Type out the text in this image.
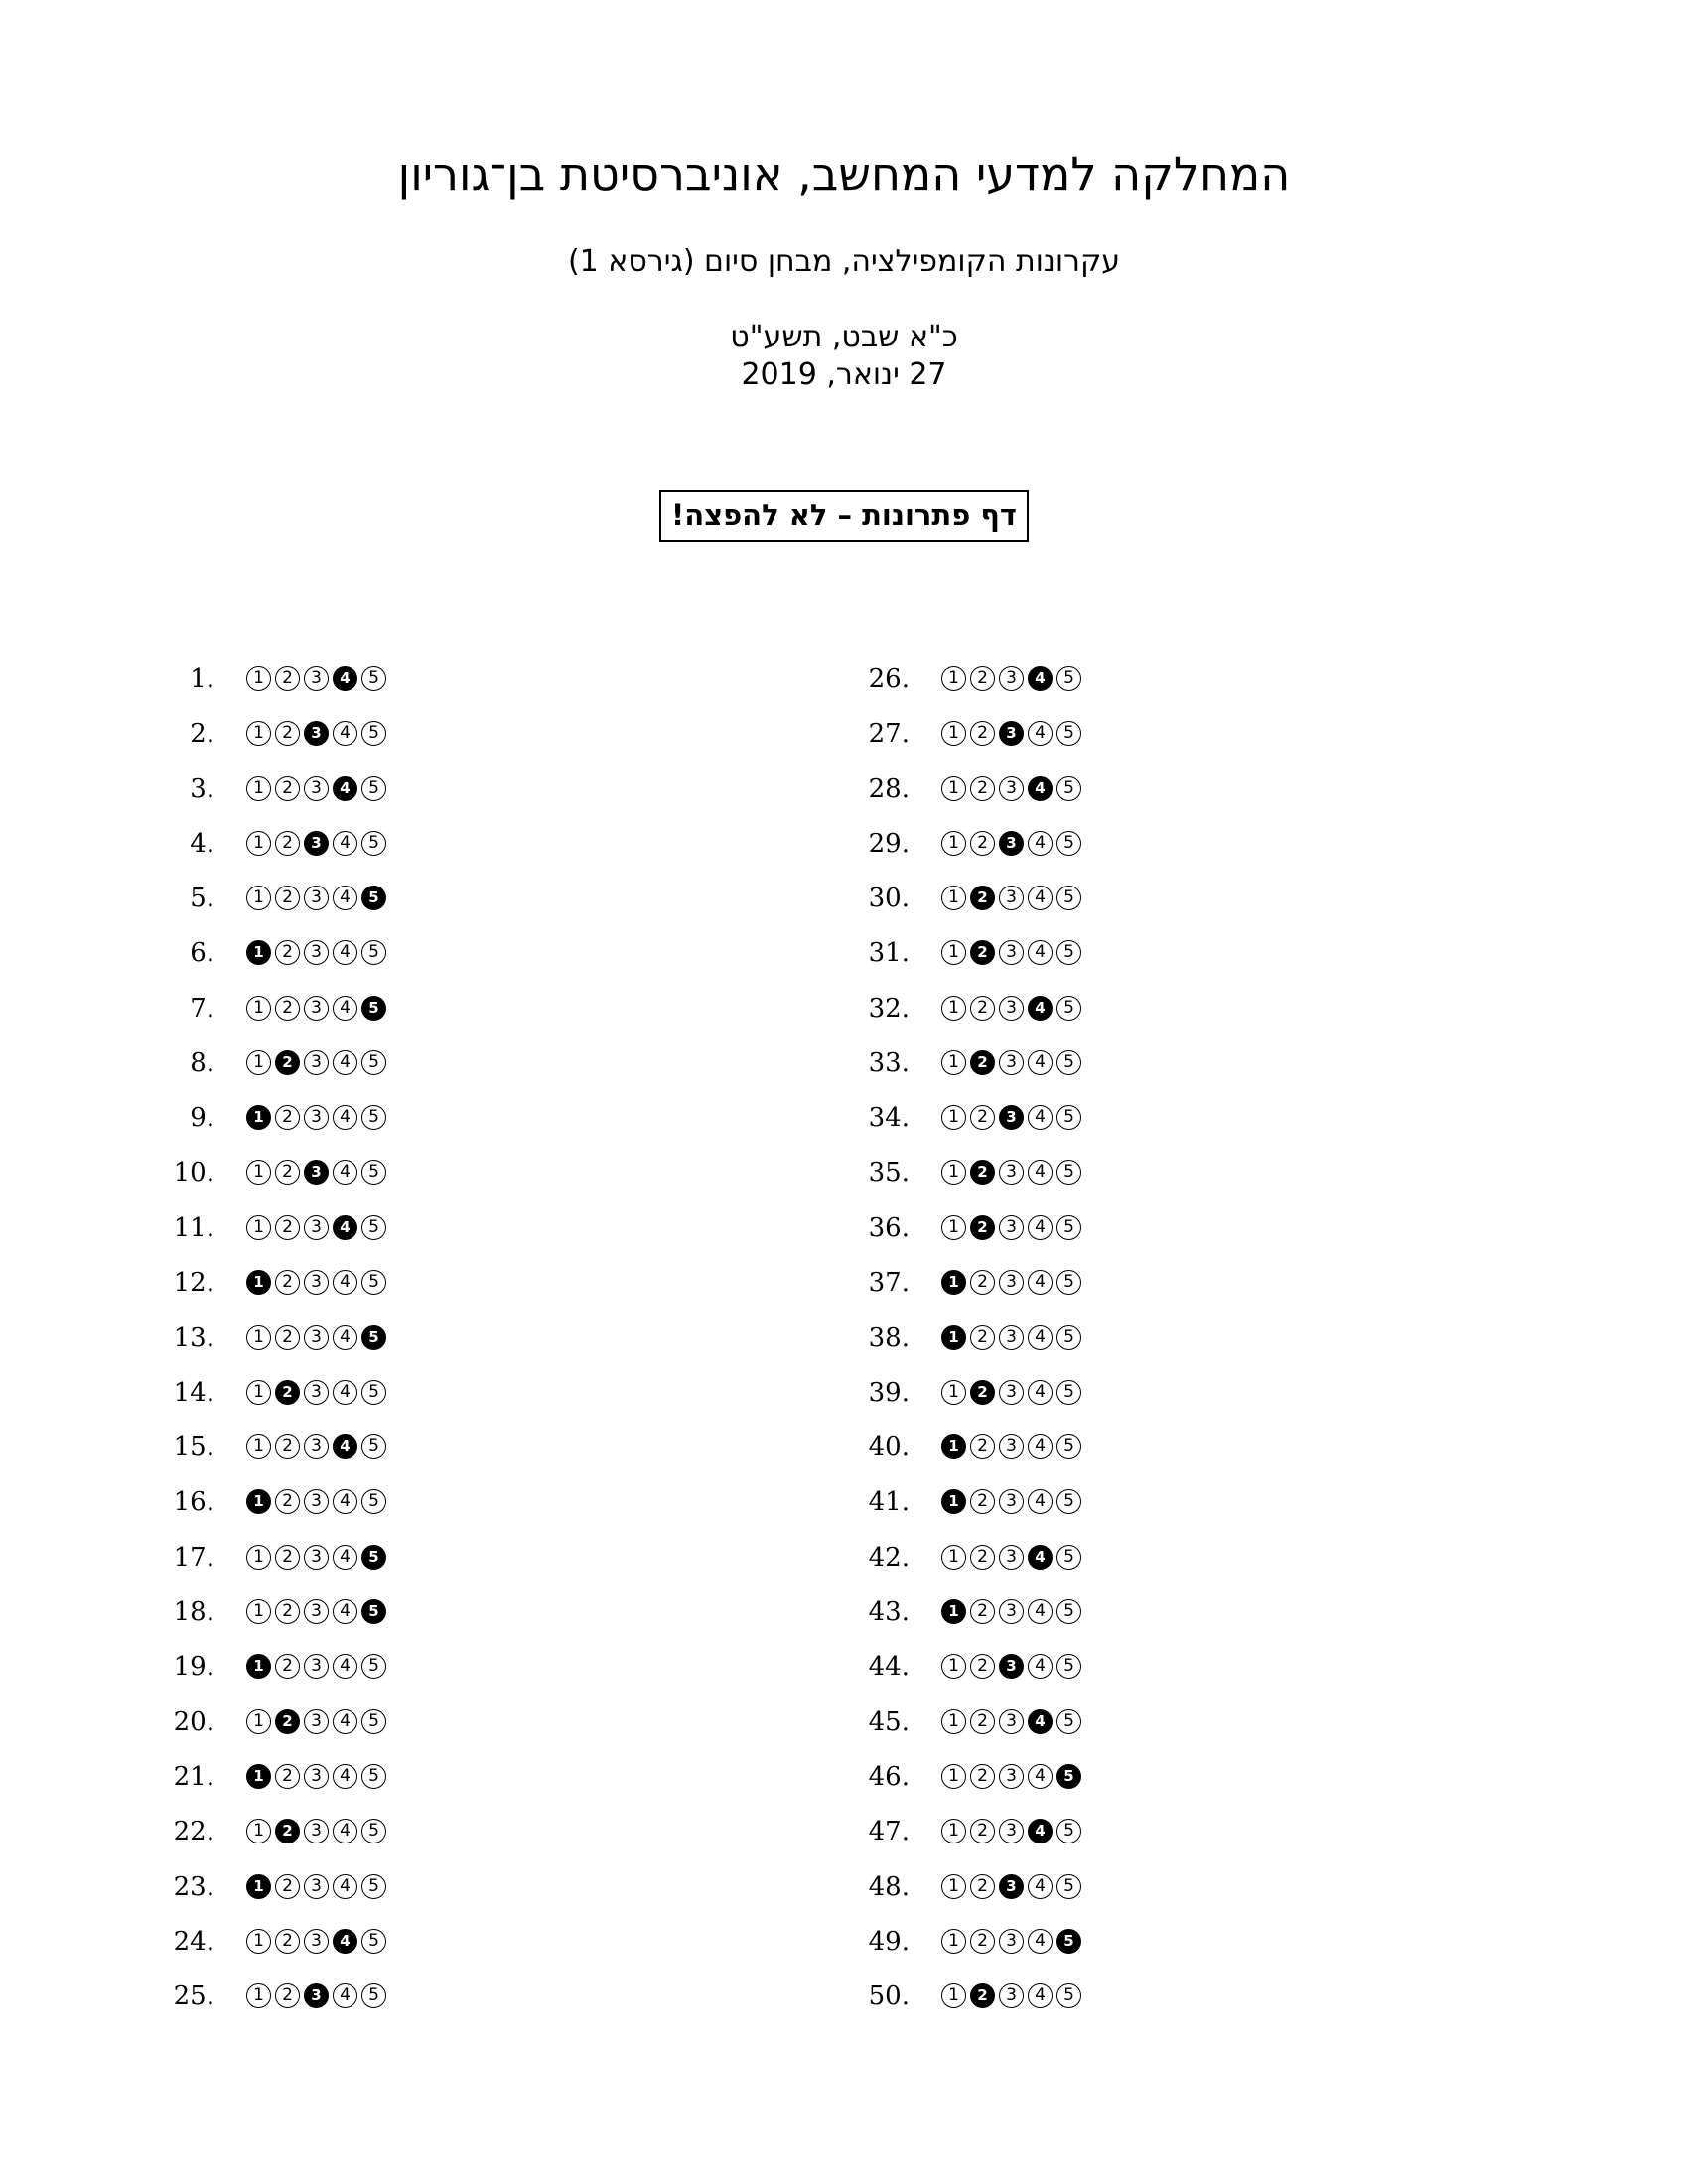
המחלקה למדעי המחשב, אוניברסיטת בן־גוריון
עקרונות הקומפילציה, מבחן סיום (גירסא 1)
כ"א שבט, תשע"ט
27 ינואר, 2019
דף פתרונות – לא להפצה!
1.	1	2	3	4	5
2.	1	2	3	4	5
3.	1	2	3	4	5
4.	1	2	3	4	5
5.	1	2	3	4	5
6.	1	2	3	4	5
7.	1	2	3	4	5
8.	1	2	3	4	5
9.	1	2	3	4	5
10.	1	2	3	4	5
11.	1	2	3	4	5
12.	1	2	3	4	5
13.	1	2	3	4	5
14.	1	2	3	4	5
15.	1	2	3	4	5
16.	1	2	3	4	5
17.	1	2	3	4	5
18.	1	2	3	4	5
19.	1	2	3	4	5
20.	1	2	3	4	5
21.	1	2	3	4	5
22.	1	2	3	4	5
23.	1	2	3	4	5
24.	1	2	3	4	5
25.	1	2	3	4	5
26.	1	2	3	4	5
27.	1	2	3	4	5
28.	1	2	3	4	5
29.	1	2	3	4	5
30.	1	2	3	4	5
31.	1	2	3	4	5
32.	1	2	3	4	5
33.	1	2	3	4	5
34.	1	2	3	4	5
35.	1	2	3	4	5
36.	1	2	3	4	5
37.	1	2	3	4	5
38.	1	2	3	4	5
39.	1	2	3	4	5
40.	1	2	3	4	5
41.	1	2	3	4	5
42.	1	2	3	4	5
43.	1	2	3	4	5
44.	1	2	3	4	5
45.	1	2	3	4	5
46.	1	2	3	4	5
47.	1	2	3	4	5
48.	1	2	3	4	5
49.	1	2	3	4	5
50.	1	2	3	4	5
